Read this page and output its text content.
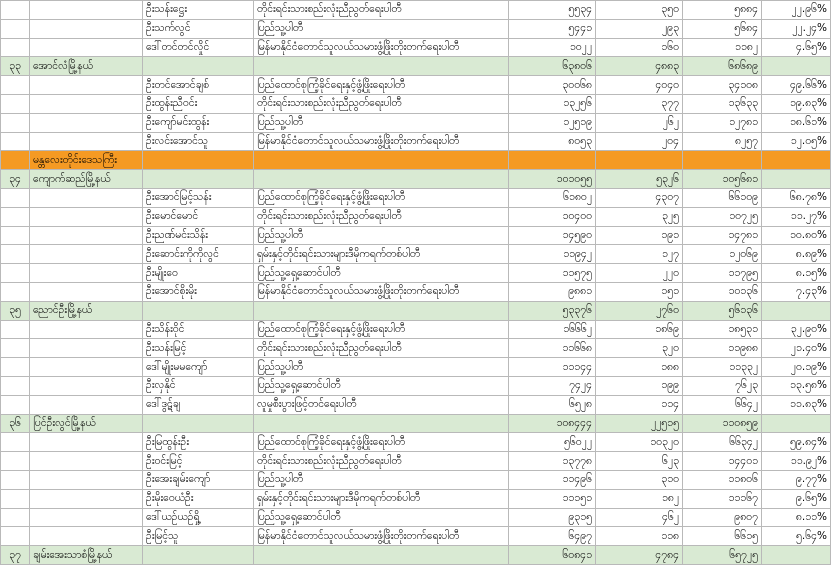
		ဦးသန်းဋ္ဌေး	တိုင်းရင်းသားစည်းလုံးညီညွတ်ရေးပါတီ	၅၅၃၄	၃၅၀	၅၈၈၄	၂၂.၉၆%
		ဦးသက်လွင်	ပြည်သူ့ပါတီ	၅၄၄၁	၂၉၃	၅၆၈၄	၂၂.၂၄%
		ဒေါ်တင်တင်လှိုင်	မြန်မာနိုင်ငံတောင်သူလယ်သမားဖွံ့ဖြိုးတိုးတက်ရေးပါတီ	၁၀၂၂	၁၆၀	၁၁၈၂	၄.၆၅%
၃၃	အောင်လံမြို့နယ်			၆၃၈၀၆	၄၈၈၃	၆၈၆၈၉	
		ဦးတင်အောင်ချစ်	ပြည်ထောင်စုကြံ့ခိုင်ရေးနှင့်ဖွံ့ဖြိုးရေးပါတီ	၃၀၀၆၈	၄၀၄၀	၃၄၁၀၈	၄၉.၆၆%
		ဦးထွန်းညီဝင်း	တိုင်းရင်းသားစည်းလုံးညီညွတ်ရေးပါတီ	၁၃၂၅၆	၃၇၇	၁၃၆၃၃	၁၉.၈၃%
		ဦးကျော်မင်းထွန်း	ပြည်သူ့ပါတီ	၁၂၅၁၉	၂၆၂	၁၂၇၈၁	၁၈.၆၁%
		ဦးလင်းအောင်သူ	မြန်မာနိုင်ငံတောင်သူလယ်သမားဖွံ့ဖြိုးတိုးတက်ရေးပါတီ	၈၀၅၃	၂၀၄	၈၂၅၇	၁၂.၀၅%
	မန္တလေးတိုင်းဒေသကြီး						
၃၄	ကျောက်ဆည်မြို့နယ်			၁၀၁၀၅၅	၅၃၂၆	၁၀၅၆၈၁	
		ဦးအောင်မြင့်သန်း	ပြည်ထောင်စုကြံ့ခိုင်ရေးနှင့်ဖွံ့ဖြိုးရေးပါတီ	၆၁၈၀၂	၄၃၀၇	၆၆၁၀၉	၆၈.၇၈%
		ဦးမောင်မောင်	တိုင်းရင်းသားစည်းလုံးညီညွတ်ရေးပါတီ	၁၀၄၀၀	၃၂၅	၁၀၇၂၅	၁၁.၂၇%
		ဦးညဏ်မင်းသိန်း	ပြည်သူ့ပါတီ	၁၄၅၉၀	၁၉၁	၁၄၇၈၁	၁၀.၈၀%
		ဦးဆောင်းကိုကိုလွင်	ရှမ်းနှင့်တိုင်းရင်းသားများဒီမိုကရက်တစ်ပါတီ	၁၁၉၄၂	၁၂၇	၁၂၀၆၉	၈.၈၉%
		ဦးမျိုးဝေ	ပြည်သူ့ရှေ့ဆောင်ပါတီ	၁၁၅၇၅	၂၂၀	၁၁၇၉၅	၈.၁၅%
		ဦးအောင်စိုးမိုး	မြန်မာနိုင်ငံတောင်သူလယ်သမားဖွံ့ဖြိုးတိုးတက်ရေးပါတီ	၉၈၈၁	၁၅၁	၁၀၁၃၆	၇.၄၃%
၃၅	ညောင်ဦးမြို့နယ်			၅၃၃၇၆	၂၇၆၀	၅၆၁၃၆	
		ဦးသိန်းဝိုင်	ပြည်ထောင်စုကြံ့ခိုင်ရေးနှင့်ဖွံ့ဖြိုးရေးပါတီ	၁၆၆၆၂	၁၈၆၉	၁၈၅၃၁	၃၂.၉၀%
		ဦးသန်းမြင့်	တိုင်းရင်းသားစည်းလုံးညီညွတ်ရေးပါတီ	၁၁၆၆၈	၃၂၀	၁၁၉၈၈	၂၁.၄၀%
		ဒေါ်မျိုးမမကျော်	ပြည်သူ့ပါတီ	၁၁၁၄၄	၁၈၈	၁၁၃၃၂	၂၀.၁၉%
		ဦးလှနိုင်	ပြည်သူ့ရှေ့ဆောင်ပါတီ	၇၄၂၄	၁၉၉	၇၆၂၃	၁၃.၅၈%
		ဒေါ်ဒွဋ်ချ	လူမှုစီးပွားဖြင့်တင်ရေးပါတီ	၆၅၂၈	၁၁၄	၆၆၄၂	၁၁.၈၃%
၃၆	ပြင်ဦးလွင်မြို့နယ်			၁၀၈၄၄၄	၂၂၅၁၅	၁၁၀၈၅၉	
		ဦးမြထွန်းဦး	ပြည်ထောင်စုကြံ့ခိုင်ရေးနှင့်ဖွံ့ဖြိုးရေးပါတီ	၅၆၀၂၂	၁၀၃၂၀	၆၆၃၄၂	၅၉.၈၄%
		ဦးဝင်းမြင့်	တိုင်းရင်းသားစည်းလုံးညီညွတ်ရေးပါတီ	၁၃၇၇၈	၆၂၃	၁၄၄၀၁	၁၁.၉၂%
		ဦးအေးချမ်းကျော်	ပြည်သူ့ပါတီ	၁၁၄၉၆	၃၁၀	၁၁၈၀၆	၉.၇၇%
		ဦးမိုးဝေယံဦး	ရှမ်းနှင့်တိုင်းရင်းသားများဒီမိုကရက်တစ်ပါတီ	၁၁၁၅၁	၁၈၂	၁၁၁၆၇	၉.၆၅%
		ဒေါ်ယဉ်ယဉ်ရှို့	ပြည်သူ့ရှေ့ဆောင်ပါတီ	၉၃၁၅	၄၆၂	၉၈၀၇	၈.၁၁%
		ဦးမြင့်သူ	မြန်မာနိုင်ငံတောင်သူလယ်သမားဖွံ့ဖြိုးတိုးတက်ရေးပါတီ	၆၄၉၇	၁၁၈	၆၆၁၅	၅.၆၄%
၃၇	ချမ်းအေးသာစံမြို့နယ်			၆၀၈၄၁	၄၇၈၄	၆၅၇၂၅	
